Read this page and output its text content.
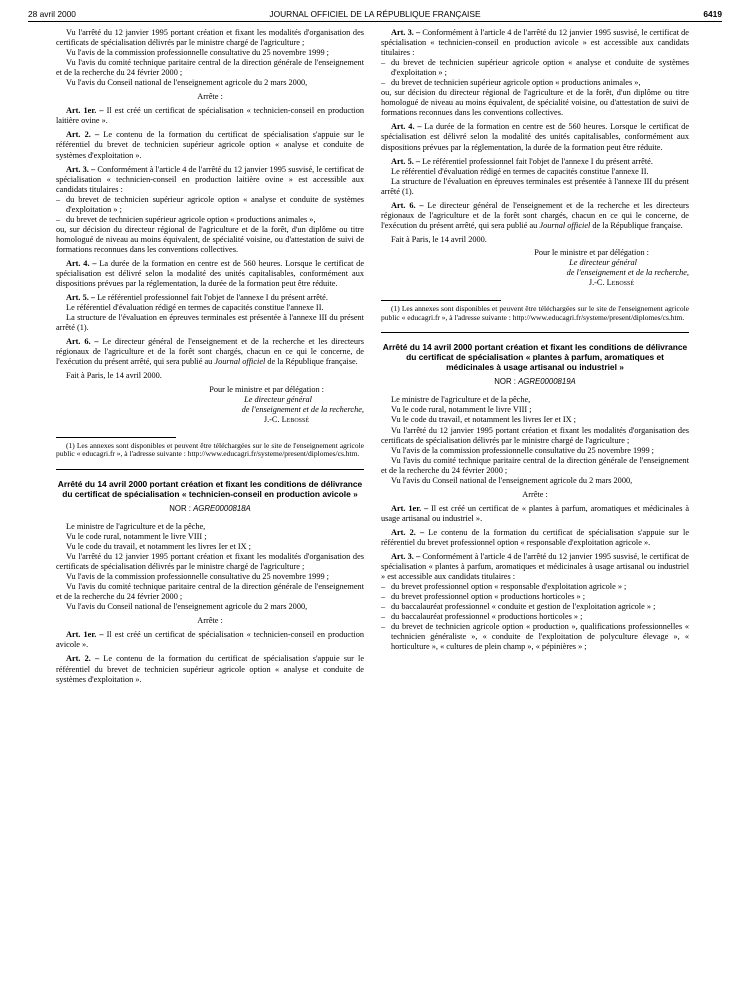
28 avril 2000	JOURNAL OFFICIEL DE LA RÉPUBLIQUE FRANÇAISE	6419

Vu l'arrêté du 12 janvier 1995 portant création et fixant les modalités d'organisation des certificats de spécialisation délivrés par le ministre chargé de l'agriculture ;

Vu l'avis de la commission professionnelle consultative du 25 novembre 1999 ;

Vu l'avis du comité technique paritaire central de la direction générale de l'enseignement et de la recherche du 24 février 2000 ;

Vu l'avis du Conseil national de l'enseignement agricole du 2 mars 2000,

Arrête :

Art. 1er. – Il est créé un certificat de spécialisation « technicien-conseil en production laitière ovine ».

Art. 2. – Le contenu de la formation du certificat de spécialisation s'appuie sur le référentiel du brevet de technicien supérieur agricole option « analyse et conduite de systèmes d'exploitation ».

Art. 3. – Conformément à l'article 4 de l'arrêté du 12 janvier 1995 susvisé, le certificat de spécialisation « technicien-conseil en production laitière ovine » est accessible aux candidats titulaires :

– du brevet de technicien supérieur agricole option « analyse et conduite de systèmes d'exploitation » ;
– du brevet de technicien supérieur agricole option « productions animales »,

ou, sur décision du directeur régional de l'agriculture et de la forêt, d'un diplôme ou titre homologué de niveau au moins équivalent, de spécialité voisine, ou d'attestation de suivi de formations reconnues dans les conventions collectives.

Art. 4. – La durée de la formation en centre est de 560 heures. Lorsque le certificat de spécialisation est délivré selon la modalité des unités capitalisables, conformément aux dispositions prévues par la réglementation, la durée de la formation peut être réduite.

Art. 5. – Le référentiel professionnel fait l'objet de l'annexe I du présent arrêté.

Le référentiel d'évaluation rédigé en termes de capacités constitue l'annexe II.

La structure de l'évaluation en épreuves terminales est présentée à l'annexe III du présent arrêté (1).

Art. 6. – Le directeur général de l'enseignement et de la recherche et les directeurs régionaux de l'agriculture et de la forêt sont chargés, chacun en ce qui le concerne, de l'exécution du présent arrêté, qui sera publié au Journal officiel de la République française.

Fait à Paris, le 14 avril 2000.

Pour le ministre et par délégation :

Le directeur général

de l'enseignement et de la recherche,

J.-C. Lebossé

(1) Les annexes sont disponibles et peuvent être téléchargées sur le site de l'enseignement agricole public « educagri.fr », à l'adresse suivante : http://www.educagri.fr/systeme/present/diplomes/cs.htm.

Arrêté du 14 avril 2000 portant création et fixant les conditions de délivrance du certificat de spécialisation « technicien-conseil en production avicole »

NOR : AGRE0000818A

Le ministre de l'agriculture et de la pêche,

Vu le code rural, notamment le livre VIII ;

Vu le code du travail, et notamment les livres Ier et IX ;

Vu l'arrêté du 12 janvier 1995 portant création et fixant les modalités d'organisation des certificats de spécialisation délivrés par le ministre chargé de l'agriculture ;

Vu l'avis de la commission professionnelle consultative du 25 novembre 1999 ;

Vu l'avis du comité technique paritaire central de la direction générale de l'enseignement et de la recherche du 24 février 2000 ;

Vu l'avis du Conseil national de l'enseignement agricole du 2 mars 2000,

Arrête :

Art. 1er. – Il est créé un certificat de spécialisation « technicien-conseil en production avicole ».

Art. 2. – Le contenu de la formation du certificat de spécialisation s'appuie sur le référentiel du brevet de technicien supérieur agricole option « analyse et conduite de systèmes d'exploitation ».

Art. 3. – Conformément à l'article 4 de l'arrêté du 12 janvier 1995 susvisé, le certificat de spécialisation « technicien-conseil en production avicole » est accessible aux candidats titulaires :

– du brevet de technicien supérieur agricole option « analyse et conduite de systèmes d'exploitation » ;
– du brevet de technicien supérieur agricole option « productions animales »,

ou, sur décision du directeur régional de l'agriculture et de la forêt, d'un diplôme ou titre homologué de niveau au moins équivalent, de spécialité voisine, ou d'attestation de suivi de formations reconnues dans les conventions collectives.

Art. 4. – La durée de la formation en centre est de 560 heures. Lorsque le certificat de spécialisation est délivré selon la modalité des unités capitalisables, conformément aux dispositions prévues par la réglementation, la durée de la formation peut être réduite.

Art. 5. – Le référentiel professionnel fait l'objet de l'annexe I du présent arrêté.

Le référentiel d'évaluation rédigé en termes de capacités constitue l'annexe II.

La structure de l'évaluation en épreuves terminales est présentée à l'annexe III du présent arrêté (1).

Art. 6. – Le directeur général de l'enseignement et de la recherche et les directeurs régionaux de l'agriculture et de la forêt sont chargés, chacun en ce qui le concerne, de l'exécution du présent arrêté, qui sera publié au Journal officiel de la République française.

Fait à Paris, le 14 avril 2000.

Pour le ministre et par délégation :

Le directeur général

de l'enseignement et de la recherche,

J.-C. Lebossé

(1) Les annexes sont disponibles et peuvent être téléchargées sur le site de l'enseignement agricole public « educagri.fr », à l'adresse suivante : http://www.educagri.fr/systeme/present/diplomes/cs.htm.

Arrêté du 14 avril 2000 portant création et fixant les conditions de délivrance du certificat de spécialisation « plantes à parfum, aromatiques et médicinales à usage artisanal ou industriel »

NOR : AGRE0000819A

Le ministre de l'agriculture et de la pêche,

Vu le code rural, notamment le livre VIII ;

Vu le code du travail, et notamment les livres Ier et IX ;

Vu l'arrêté du 12 janvier 1995 portant création et fixant les modalités d'organisation des certificats de spécialisation délivrés par le ministre chargé de l'agriculture ;

Vu l'avis de la commission professionnelle consultative du 25 novembre 1999 ;

Vu l'avis du comité technique paritaire central de la direction générale de l'enseignement et de la recherche du 24 février 2000 ;

Vu l'avis du Conseil national de l'enseignement agricole du 2 mars 2000,

Arrête :

Art. 1er. – Il est créé un certificat de « plantes à parfum, aromatiques et médicinales à usage artisanal ou industriel ».

Art. 2. – Le contenu de la formation du certificat de spécialisation s'appuie sur le référentiel du brevet professionnel option « responsable d'exploitation agricole ».

Art. 3. – Conformément à l'article 4 de l'arrêté du 12 janvier 1995 susvisé, le certificat de spécialisation « plantes à parfum, aromatiques et médicinales à usage artisanal ou industriel » est accessible aux candidats titulaires :

– du brevet professionnel option « responsable d'exploitation agricole » ;
– du brevet professionnel option « productions horticoles » ;
– du baccalauréat professionnel « conduite et gestion de l'exploitation agricole » ;
– du baccalauréat professionnel « productions horticoles » ;
– du brevet de technicien agricole option « production », qualifications professionnelles « technicien généraliste », « conduite de l'exploitation de polyculture élevage », « horticulture », « cultures de plein champ », « pépinières » ;
